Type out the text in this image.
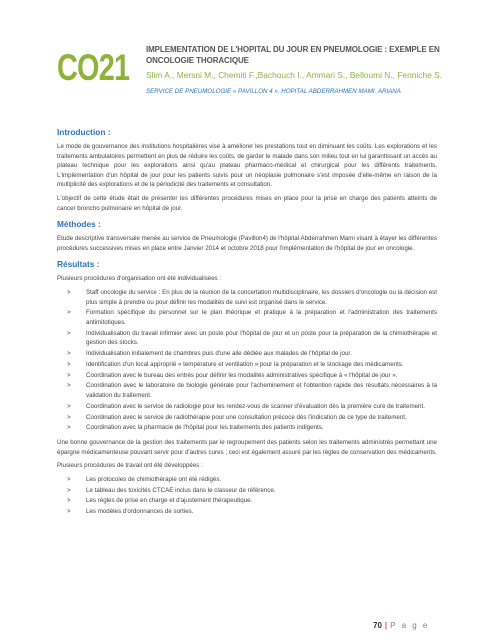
CO21 IMPLEMENTATION DE L'HOPITAL DU JOUR EN PNEUMOLOGIE : EXEMPLE EN ONCOLOGIE THORACIQUE
Slim A., Mersni M., Chemiti F.,Bachouch I., Ammari S., Belloumi N., Fenniche S.
SERVICE DE PNEUMOLOGIE « PAVILLON 4 ». HOPITAL ABDERRAHMEN MAMI. ARIANA
Introduction :

Le mode de gouvernance des institutions hospitalières vise à améliorer les prestations tout en diminuant les coûts. Les explorations et les traitements ambulatoires permettent en plus de réduire les coûts, de garder le malade dans son milieu tout en lui garantissant un accès au plateau technique pour les explorations ainsi qu'au plateau pharmaco-médical et chirurgical pour les différents traitements. L'implémentation d'un hôpital de jour pour les patients suivis pour un néoplasie pulmonaire s'est imposée d'elle-même en raison de la multiplicité des explorations et de la périodicité des traitements et consultation.

L'objectif de cette étude était de présenter les différentes procédures mises en place pour la prise en charge des patients atteints de cancer broncho pulmonaire en hôpital de jour.

Méthodes :

Etude descriptive transversale menée au service de Pneumologie (Pavillon4) de l'hôpital Abderrahmen Mami visant à étayer les différentes procédures successives mises en place entre Janvier 2014 et octobre 2018 pour l'implémentation de l'hôpital de jour en oncologie.

Résultats :

Plusieurs procédures d'organisation ont été individualisées :

> Staff oncologie du service : En plus de la réunion de la concertation multidisciplinaire, les dossiers d'oncologie ou la décision est plus simple à prendre ou pour définir les modalités de suivi est organisé dans le service.
> Formation spécifique du personnel sur le plan théorique et pratique à la préparation et l'administration des traitements antimitotiques.
> Individualisation du travail infirmier avec un poste pour l'hôpital de jour et un poste pour la préparation de la chimiothérapie et gestion des stocks.
> Individualisation initialement de chambres puis d'une aile dédiée aux malades de l'hôpital de jour.
> Identification d'un local approprié « température et ventilation » pour la préparation et le stockage des médicaments.
> Coordination avec le bureau des entrés pour définir les modalités administratives spécifique à « l'hôpital de jour ».
> Coordination avec le laboratoire de biologie générale pour l'acheminement et l'obtention rapide des résultats nécessaires à la validation du traitement.
> Coordination avec le service de radiologie pour les rendez-vous de scanner d'évaluation dès la première cure de traitement.
> Coordination avec le service de radiothérapie pour une consultation précoce dès l'indication de ce type de traitement.
> Coordination avec la pharmacie de l'hôpital pour les traitements des patients indigents.

Une bonne gouvernance de la gestion des traitements par le regroupement des patients selon les traitements administrés permettant une épargne médicamenteuse pouvant servir pour d'autres cures ; ceci est également assuré par les règles de conservation des médicaments.

Plusieurs procédures de travail ont été développées :

> Les protocoles de chimiothérapie ont été rédigés.
> Le tableau des toxicités CTCAE inclus dans le classeur de référence.
> Les règles de prise en charge et d'ajustement thérapeutique.
> Les modèles d'ordonnances de sorties.
70 | P a g e
